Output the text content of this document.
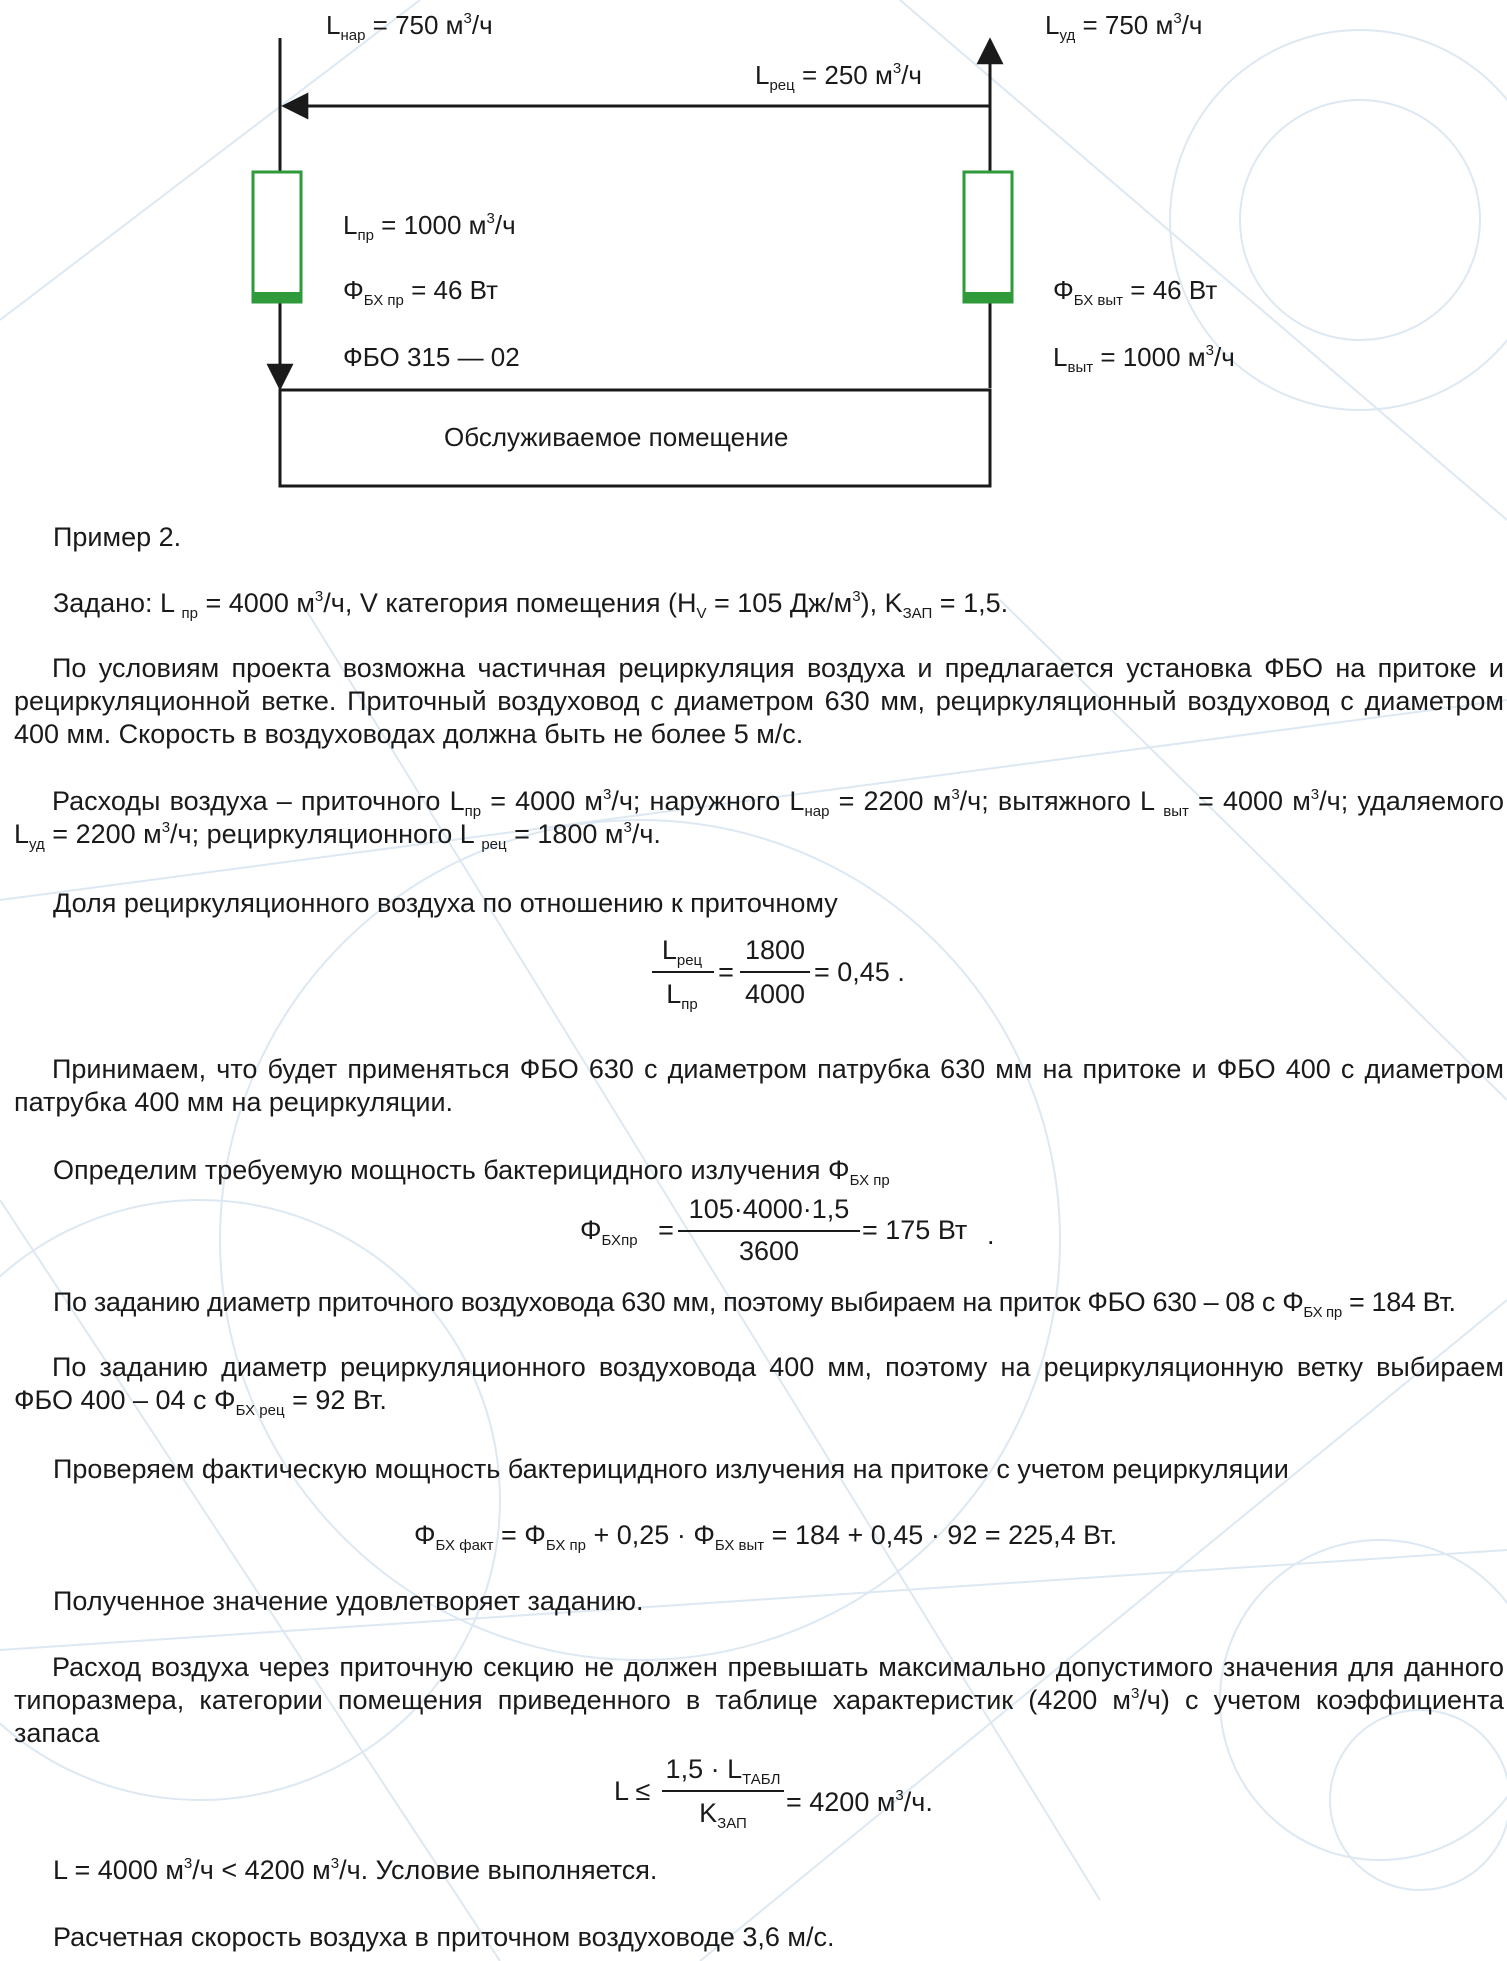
$L_{нар} = 750$ $м^3/ч$	$L_{уд} = 750$ $м^3/ч$
$L_{рец} = 250$ $м^3/ч$
$L_{пр} = 1000$ $м^3/ч$
$\Phi_{БХ пр} = 46$ Вт
ФБО 315 — 02
$\Phi_{БХ выт} = 46$ Вт
$L_{выт} = 1000$ $м^3/ч$
Обслуживаемое помещение
Пример 2.
Задано: L $_{пр}$ = 4000 $м^3/ч$, V категория помещения ($H_V = 105$ $Дж/м^3$), $K_{ЗАП} = 1,5$.
По условиям проекта возможна частичная рециркуляция воздуха и предлагается установка ФБО на притоке и рециркуляционной ветке. Приточный воздуховод с диаметром 630 мм, рециркуляционный воздуховод с диаметром 400 мм. Скорость в воздуховодах должна быть не более 5 м/с.
Расходы воздуха – приточного $L_{пр} = 4000$ $м^3/ч$; наружного $L_{нар} = 2200$ $м^3/ч$; вытяжного L $_{выт}$ = 4000 $м^3/ч$; удаляемого $L_{уд} = 2200$ $м^3/ч$; рециркуляционного L $_{рец}$ = 1800 $м^3/ч$.
Доля рециркуляционного воздуха по отношению к приточному
$L_{рец}$
$L_{пр}$
=
1800
4000
= 0,45 .
Принимаем, что будет применяться ФБО 630 с диаметром патрубка 630 мм на притоке и ФБО 400 с диаметром патрубка 400 мм на рециркуляции.
Определим требуемую мощность бактерицидного излучения $\Phi_{БХ пр}$
$\Phi_{БХпр}$ =
105·4000·1,5
3600
= 175 Вт .
По заданию диаметр приточного воздуховода 630 мм, поэтому выбираем на приток ФБО 630 – 08 с $\Phi_{БХ пр} = 184$ Вт.
По заданию диаметр рециркуляционного воздуховода 400 мм, поэтому на рециркуляционную ветку выбираем ФБО 400 – 04 с $\Phi_{БХ рец} = 92$ Вт.
Проверяем фактическую мощность бактерицидного излучения на притоке с учетом рециркуляции
$\Phi_{БХ факт} = \Phi_{БХ пр} + 0,25 \cdot \Phi_{БХ выт} = 184 + 0,45 \cdot 92 = 225,4$ Вт.
Полученное значение удовлетворяет заданию.
Расход воздуха через приточную секцию не должен превышать максимально допустимого значения для данного типоразмера, категории помещения приведенного в таблице характеристик (4200 $м^3/ч$) с учетом коэффициента запаса
L ≤
$1,5 \cdot L_{ТАБЛ}$
$K_{ЗАП}$
= 4200 $м^3/ч$.
L = 4000 $м^3/ч < 4200$ $м^3/ч$. Условие выполняется.
Расчетная скорость воздуха в приточном воздуховоде 3,6 м/с.
